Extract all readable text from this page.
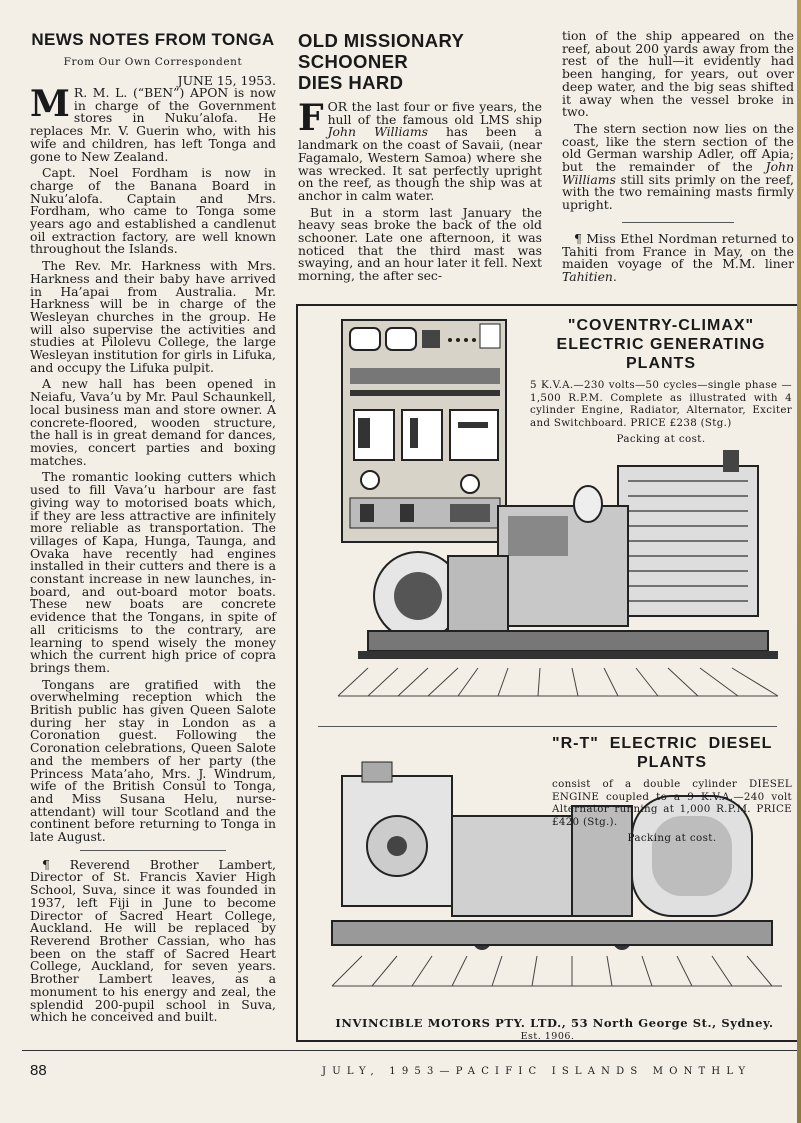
NEWS NOTES FROM TONGA
From Our Own Correspondent
JUNE 15, 1953.

M R. M. L. (“BEN”) APON is now in charge of the Government stores in Nuku’alofa. He replaces Mr. V. Guerin who, with his wife and children, has left Tonga and gone to New Zealand.

Capt. Noel Fordham is now in charge of the Banana Board in Nuku’alofa. Captain and Mrs. Fordham, who came to Tonga some years ago and established a candlenut oil extraction factory, are well known throughout the Islands.

The Rev. Mr. Harkness with Mrs. Harkness and their baby have arrived in Ha’apai from Australia. Mr. Harkness will be in charge of the Wesleyan churches in the group. He will also supervise the activities and studies at Pilolevu College, the large Wesleyan institution for girls in Lifuka, and occupy the Lifuka pulpit.

A new hall has been opened in Neiafu, Vava’u by Mr. Paul Schaunkell, local business man and store owner. A concrete-floored, wooden structure, the hall is in great demand for dances, movies, concert parties and boxing matches.

The romantic looking cutters which used to fill Vava’u harbour are fast giving way to motorised boats which, if they are less attractive are infinitely more reliable as transportation. The villages of Kapa, Hunga, Taunga, and Ovaka have recently had engines installed in their cutters and there is a constant increase in new launches, in-board, and out-board motor boats. These new boats are concrete evidence that the Tongans, in spite of all criticisms to the contrary, are learning to spend wisely the money which the current high price of copra brings them.

Tongans are gratified with the overwhelming reception which the British public has given Queen Salote during her stay in London as a Coronation guest. Following the Coronation celebrations, Queen Salote and the members of her party (the Princess Mata’aho, Mrs. J. Windrum, wife of the British Consul to Tonga, and Miss Susana Helu, nurse-attendant) will tour Scotland and the continent before returning to Tonga in late August.

¶ Reverend Brother Lambert, Director of St. Francis Xavier High School, Suva, since it was founded in 1937, left Fiji in June to become Director of Sacred Heart College, Auckland. He will be replaced by Reverend Brother Cassian, who has been on the staff of Sacred Heart College, Auckland, for seven years. Brother Lambert leaves, as a monument to his energy and zeal, the splendid 200-pupil school in Suva, which he conceived and built.

OLD MISSIONARY
SCHOONER
DIES HARD

FOR the last four or five years, the hull of the famous old LMS ship John Williams has been a landmark on the coast of Savaii, (near Fagamalo, Western Samoa) where she was wrecked. It sat perfectly upright on the reef, as though the ship was at anchor in calm water.

But in a storm last January the heavy seas broke the back of the old schooner. Late one afternoon, it was noticed that the third mast was swaying, and an hour later it fell. Next morning, the after sec-

tion of the ship appeared on the reef, about 200 yards away from the rest of the hull—it evidently had been hanging, for years, out over deep water, and the big seas shifted it away when the vessel broke in two.

The stern section now lies on the coast, like the stern section of the old German warship Adler, off Apia; but the remainder of the John Williams still sits primly on the reef, with the two remaining masts firmly upright.

¶ Miss Ethel Nordman returned to Tahiti from France in May, on the maiden voyage of the M.M. liner Tahitien.

"COVENTRY-CLIMAX"
ELECTRIC GENERATING
PLANTS

5 K.V.A.—230 volts—50 cycles—single phase —1,500 R.P.M. Complete as illustrated with 4 cylinder Engine, Radiator, Alternator, Exciter and Switchboard. PRICE £238 (Stg.)

Packing at cost.

"R-T"  ELECTRIC  DIESEL

PLANTS

consist of a double cylinder DIESEL ENGINE coupled to a 9 K.V.A.—240 volt Alternator running at 1,000 R.P.M. PRICE £420 (Stg.).

Packing at cost.

INVINCIBLE MOTORS PTY. LTD., 53 North George St., Sydney.
Est. 1906.
88	JULY, 1953—PACIFIC ISLANDS MONTHLY
